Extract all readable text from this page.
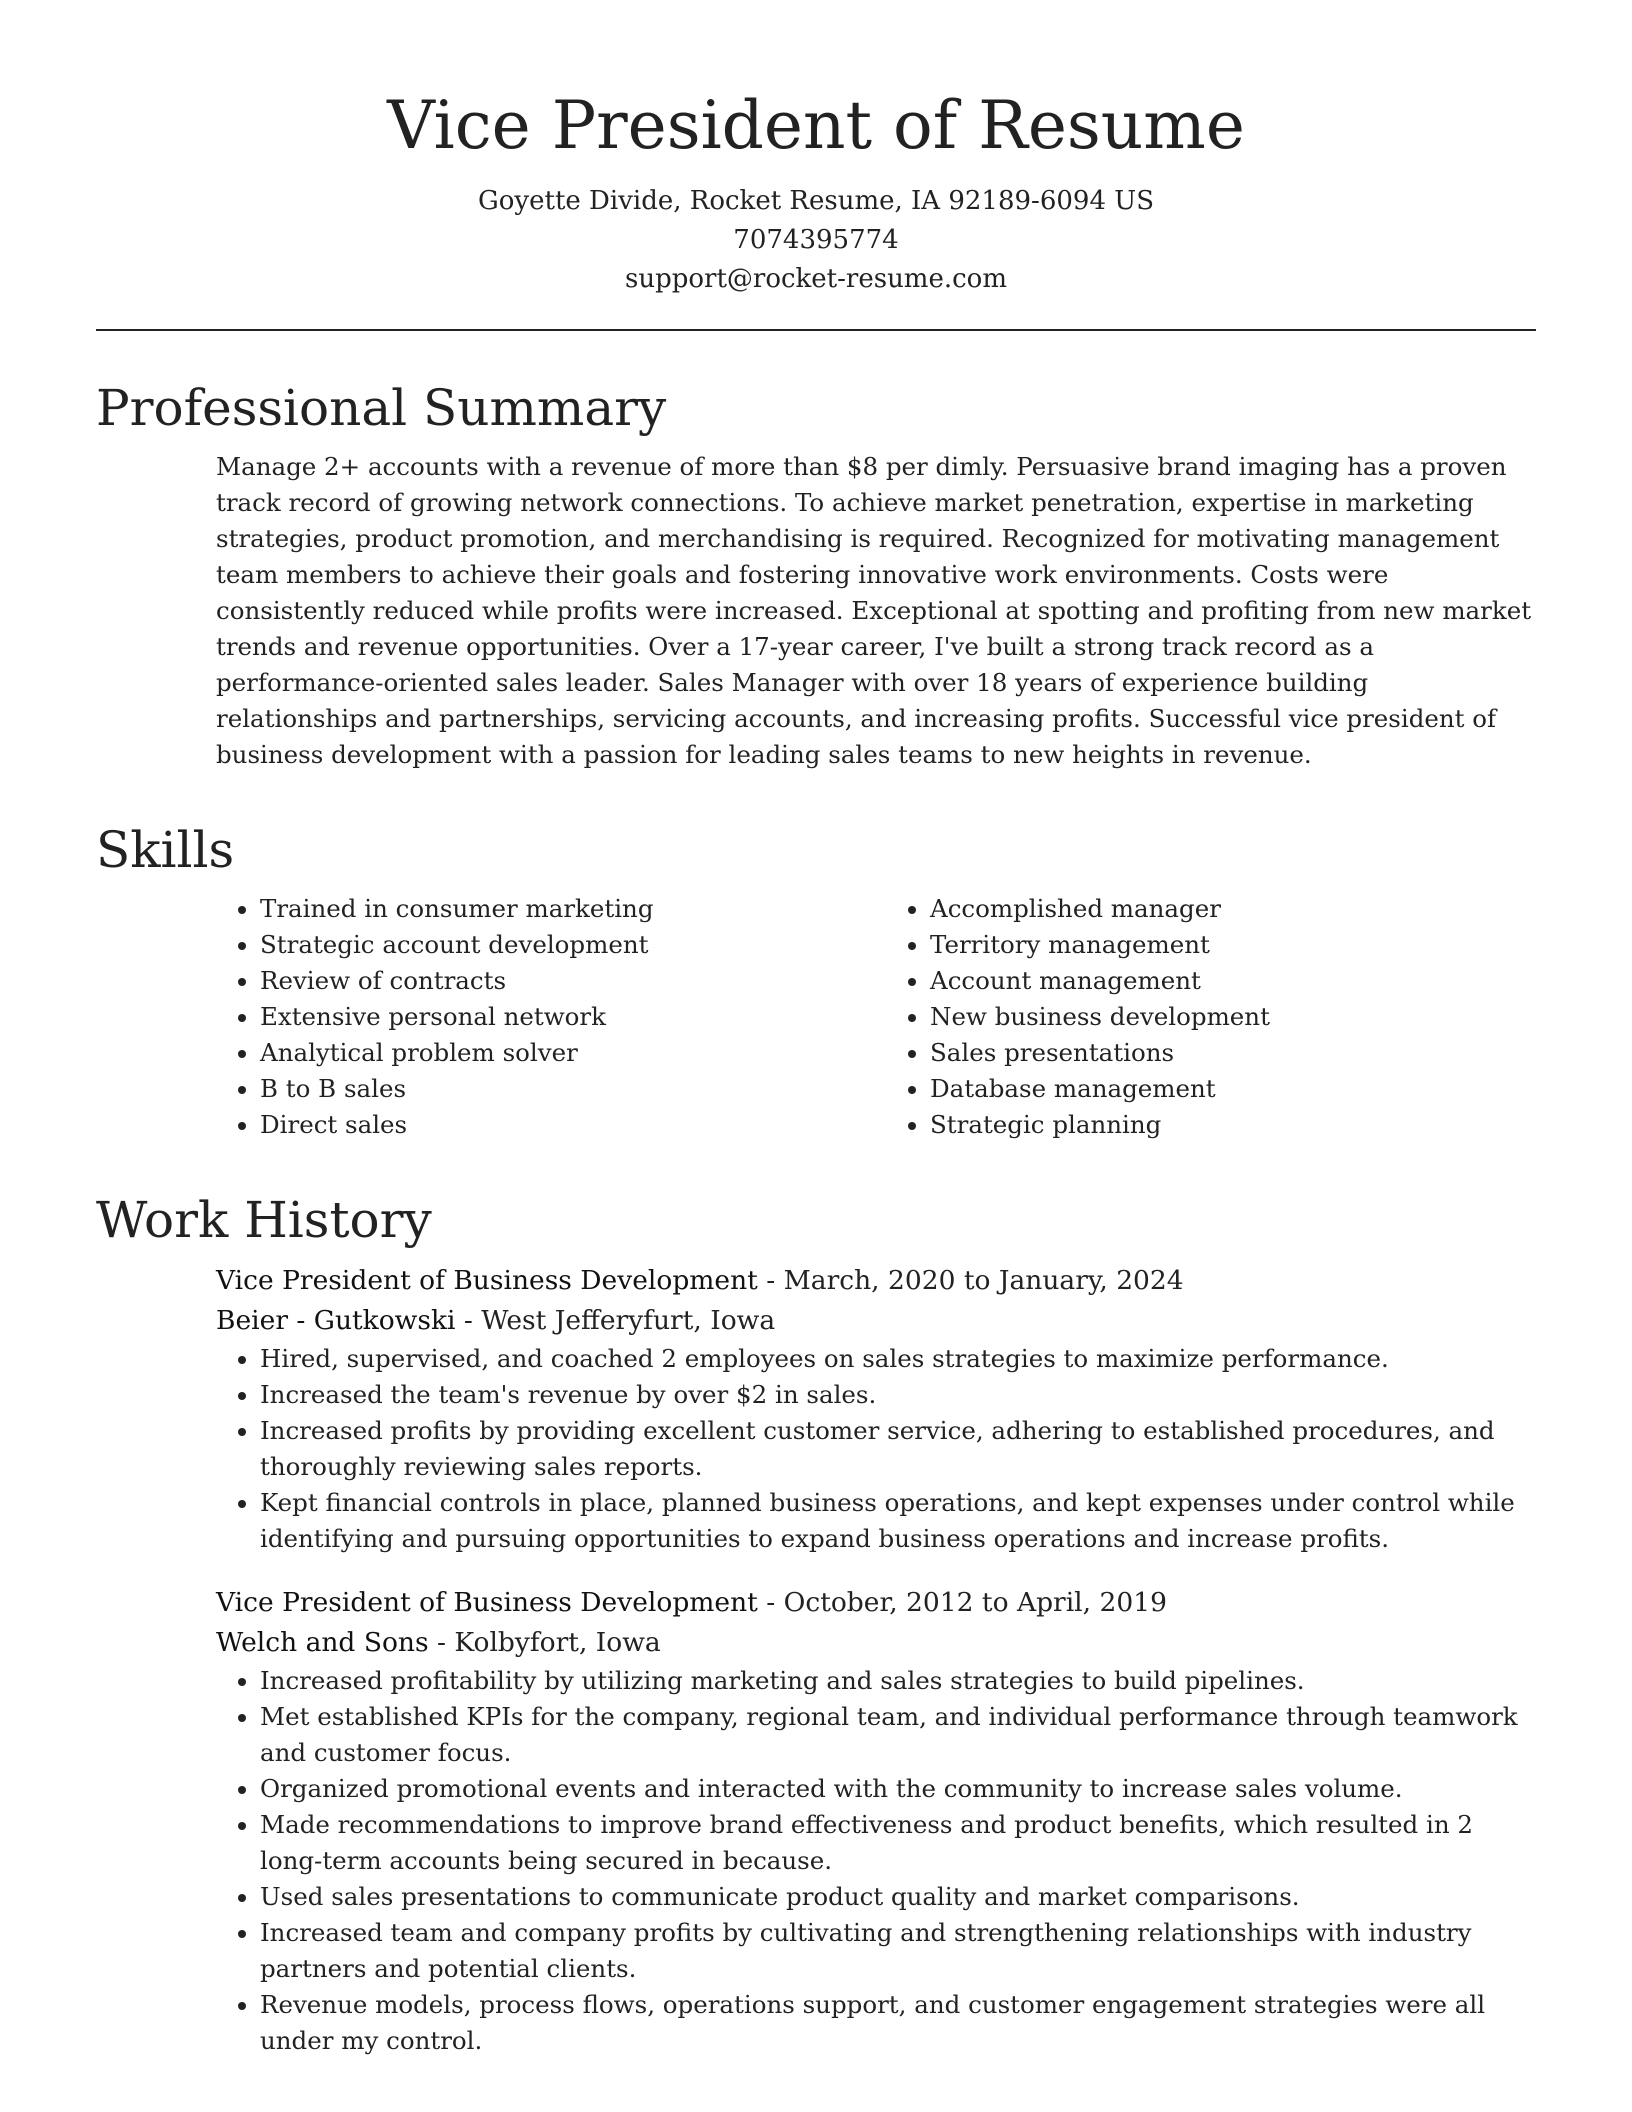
Vice President of Resume
Goyette Divide, Rocket Resume, IA 92189-6094 US
7074395774
support@rocket-resume.com
Professional Summary

Manage 2+ accounts with a revenue of more than $8 per dimly. Persuasive brand imaging has a proven track record of growing network connections. To achieve market penetration, expertise in marketing strategies, product promotion, and merchandising is required. Recognized for motivating management team members to achieve their goals and fostering innovative work environments. Costs were consistently reduced while profits were increased. Exceptional at spotting and profiting from new market trends and revenue opportunities. Over a 17-year career, I've built a strong track record as a performance-oriented sales leader. Sales Manager with over 18 years of experience building relationships and partnerships, servicing accounts, and increasing profits. Successful vice president of business development with a passion for leading sales teams to new heights in revenue.

Skills
• Trained in consumer marketing
• Strategic account development
• Review of contracts
• Extensive personal network
• Analytical problem solver
• B to B sales
• Direct sales
• Accomplished manager
• Territory management
• Account management
• New business development
• Sales presentations
• Database management
• Strategic planning
Work History
Vice President of Business Development - March, 2020 to January, 2024
Beier - Gutkowski - West Jefferyfurt, Iowa
• Hired, supervised, and coached 2 employees on sales strategies to maximize performance.
• Increased the team's revenue by over $2 in sales.
• Increased profits by providing excellent customer service, adhering to established procedures, and thoroughly reviewing sales reports.
• Kept financial controls in place, planned business operations, and kept expenses under control while identifying and pursuing opportunities to expand business operations and increase profits.
Vice President of Business Development - October, 2012 to April, 2019
Welch and Sons - Kolbyfort, Iowa
• Increased profitability by utilizing marketing and sales strategies to build pipelines.
• Met established KPIs for the company, regional team, and individual performance through teamwork and customer focus.
• Organized promotional events and interacted with the community to increase sales volume.
• Made recommendations to improve brand effectiveness and product benefits, which resulted in 2 long-term accounts being secured in because.
• Used sales presentations to communicate product quality and market comparisons.
• Increased team and company profits by cultivating and strengthening relationships with industry partners and potential clients.
• Revenue models, process flows, operations support, and customer engagement strategies were all under my control.
